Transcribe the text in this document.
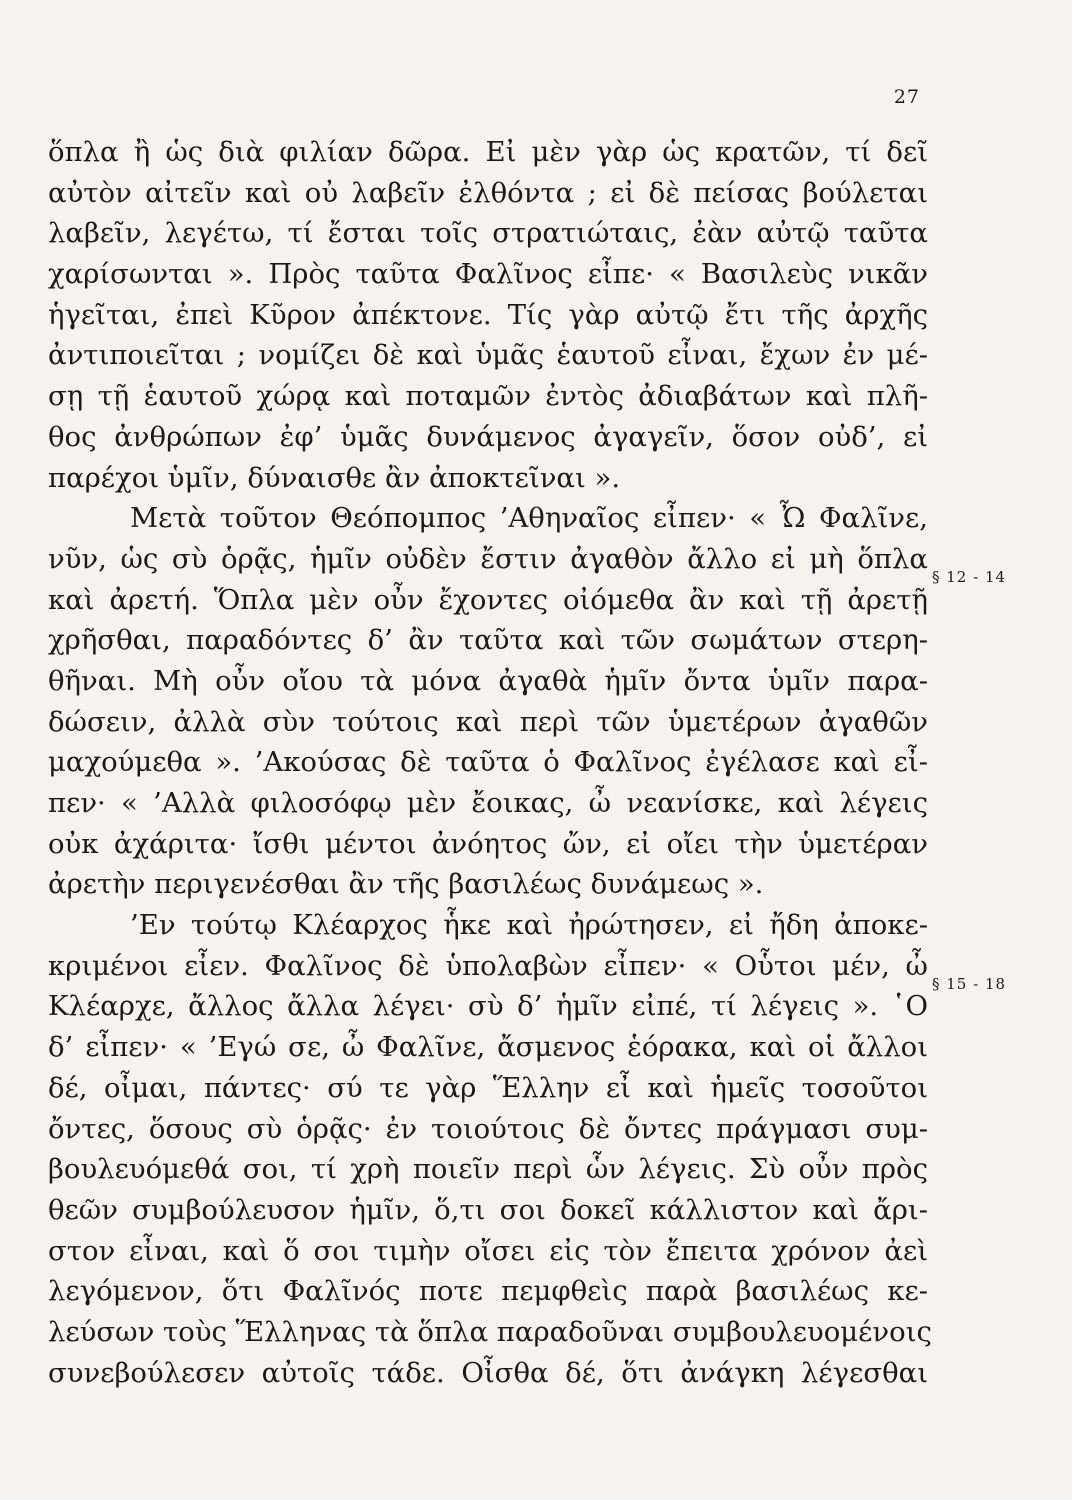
27
ὅπλα ἢ ὡς διὰ φιλίαν δῶρα. Εἰ μὲν γὰρ ὡς κρατῶν, τί δεῖ
αὐτὸν αἰτεῖν καὶ οὐ λαβεῖν ἐλθόντα ; εἰ δὲ πείσας βούλεται
λαβεῖν, λεγέτω, τί ἔσται τοῖς στρατιώταις, ἐὰν αὐτῷ ταῦτα
χαρίσωνται ». Πρὸς ταῦτα Φαλῖνος εἶπε· « Βασιλεὺς νικᾶν
ἡγεῖται, ἐπεὶ Κῦρον ἀπέκτονε. Τίς γὰρ αὐτῷ ἔτι τῆς ἀρχῆς
ἀντιποιεῖται ; νομίζει δὲ καὶ ὑμᾶς ἑαυτοῦ εἶναι, ἔχων ἐν μέ-
σῃ τῇ ἑαυτοῦ χώρᾳ καὶ ποταμῶν ἐντὸς ἀδιαβάτων καὶ πλῆ-
θος ἀνθρώπων ἐφ’ ὑμᾶς δυνάμενος ἀγαγεῖν, ὅσον οὐδ’, εἰ
παρέχοι ὑμῖν, δύναισθε ἂν ἀποκτεῖναι ».
Μετὰ τοῦτον Θεόπομπος ’Αθηναῖος εἶπεν· « Ὦ Φαλῖνε,
νῦν, ὡς σὺ ὁρᾷς, ἡμῖν οὐδὲν ἔστιν ἀγαθὸν ἄλλο εἰ μὴ ὅπλα
καὶ ἀρετή. Ὅπλα μὲν οὖν ἔχοντες οἰόμεθα ἂν καὶ τῇ ἀρετῇ
χρῆσθαι, παραδόντες δ’ ἂν ταῦτα καὶ τῶν σωμάτων στερη-
θῆναι. Μὴ οὖν οἴου τὰ μόνα ἀγαθὰ ἡμῖν ὄντα ὑμῖν παρα-
δώσειν, ἀλλὰ σὺν τούτοις καὶ περὶ τῶν ὑμετέρων ἀγαθῶν
μαχούμεθα ». ’Ακούσας δὲ ταῦτα ὁ Φαλῖνος ἐγέλασε καὶ εἶ-
πεν· « ’Αλλὰ φιλοσόφῳ μὲν ἔοικας, ὦ νεανίσκε, καὶ λέγεις
οὐκ ἀχάριτα· ἴσθι μέντοι ἀνόητος ὤν, εἰ οἴει τὴν ὑμετέραν
ἀρετὴν περιγενέσθαι ἂν τῆς βασιλέως δυνάμεως ».
’Εν τούτῳ Κλέαρχος ἧκε καὶ ἠρώτησεν, εἰ ἤδη ἀποκε-
κριμένοι εἶεν. Φαλῖνος δὲ ὑπολαβὼν εἶπεν· « Οὗτοι μέν, ὦ
Κλέαρχε, ἄλλος ἄλλα λέγει· σὺ δ’ ἡμῖν εἰπέ, τί λέγεις ». ῾Ο
δ’ εἶπεν· « ’Εγώ σε, ὦ Φαλῖνε, ἄσμενος ἑόρακα, καὶ οἱ ἄλλοι
δέ, οἶμαι, πάντες· σύ τε γὰρ Ἕλλην εἶ καὶ ἡμεῖς τοσοῦτοι
ὄντες, ὅσους σὺ ὁρᾷς· ἐν τοιούτοις δὲ ὄντες πράγμασι συμ-
βουλευόμεθά σοι, τί χρὴ ποιεῖν περὶ ὧν λέγεις. Σὺ οὖν πρὸς
θεῶν συμβούλευσον ἡμῖν, ὅ,τι σοι δοκεῖ κάλλιστον καὶ ἄρι-
στον εἶναι, καὶ ὅ σοι τιμὴν οἴσει εἰς τὸν ἔπειτα χρόνον ἀεὶ
λεγόμενον, ὅτι Φαλῖνός ποτε πεμφθεὶς παρὰ βασιλέως κε-
λεύσων τοὺς Ἕλληνας τὰ ὅπλα παραδοῦναι συμβουλευομένοις
συνεβούλεσεν αὐτοῖς τάδε. Οἶσθα δέ, ὅτι ἀνάγκη λέγεσθαι
§ 12 - 14
§ 15 - 18
